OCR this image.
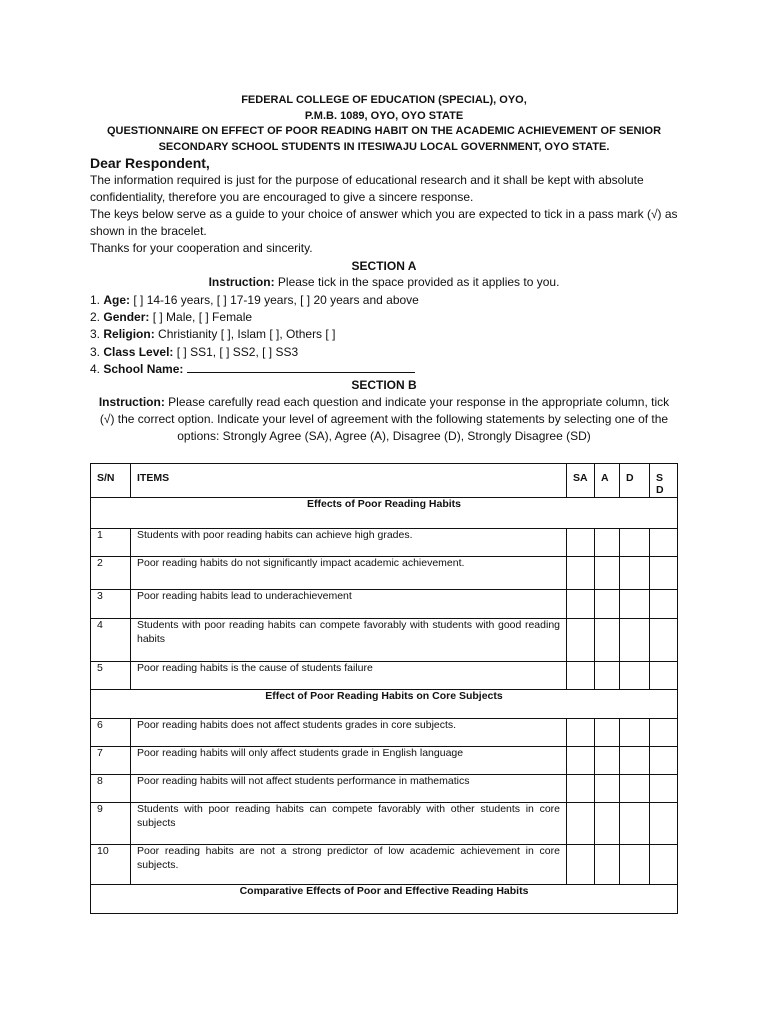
FEDERAL COLLEGE OF EDUCATION (SPECIAL), OYO,
P.M.B. 1089, OYO, OYO STATE
QUESTIONNAIRE ON EFFECT OF POOR READING HABIT ON THE ACADEMIC ACHIEVEMENT OF SENIOR
SECONDARY SCHOOL STUDENTS IN ITESIWAJU LOCAL GOVERNMENT, OYO STATE.
Dear Respondent,

The information required is just for the purpose of educational research and it shall be kept with absolute confidentiality, therefore you are encouraged to give a sincere response.

The keys below serve as a guide to your choice of answer which you are expected to tick in a pass mark (√) as shown in the bracelet.

Thanks for your cooperation and sincerity.

SECTION A
Instruction: Please tick in the space provided as it applies to you.
1. Age: [ ] 14-16 years, [ ] 17-19 years, [ ] 20 years and above
2. Gender: [ ] Male, [ ] Female
3. Religion: Christianity [ ], Islam [ ], Others [ ]
3. Class Level: [ ] SS1, [ ] SS2, [ ] SS3
4. School Name:
SECTION B
Instruction: Please carefully read each question and indicate your response in the appropriate column, tick (√) the correct option. Indicate your level of agreement with the following statements by selecting one of the options: Strongly Agree (SA), Agree (A), Disagree (D), Strongly Disagree (SD)
S/N	ITEMS	SA	A	D	S
D
Effects of Poor Reading Habits					
1	Students with poor reading habits can achieve high grades.				
2	Poor reading habits do not significantly impact academic achievement.				
3	Poor reading habits lead to underachievement				
4	Students with poor reading habits can compete favorably with students with good reading habits				
5	Poor reading habits is the cause of students failure				
Effect of Poor Reading Habits on Core Subjects					
6	Poor reading habits does not affect students grades in core subjects.				
7	Poor reading habits will only affect students grade in English language				
8	Poor reading habits will not affect students performance in mathematics				
9	Students with poor reading habits can compete favorably with other students in core subjects				
10	Poor reading habits are not a strong predictor of low academic achievement in core subjects.				
Comparative Effects of Poor and Effective Reading Habits					
